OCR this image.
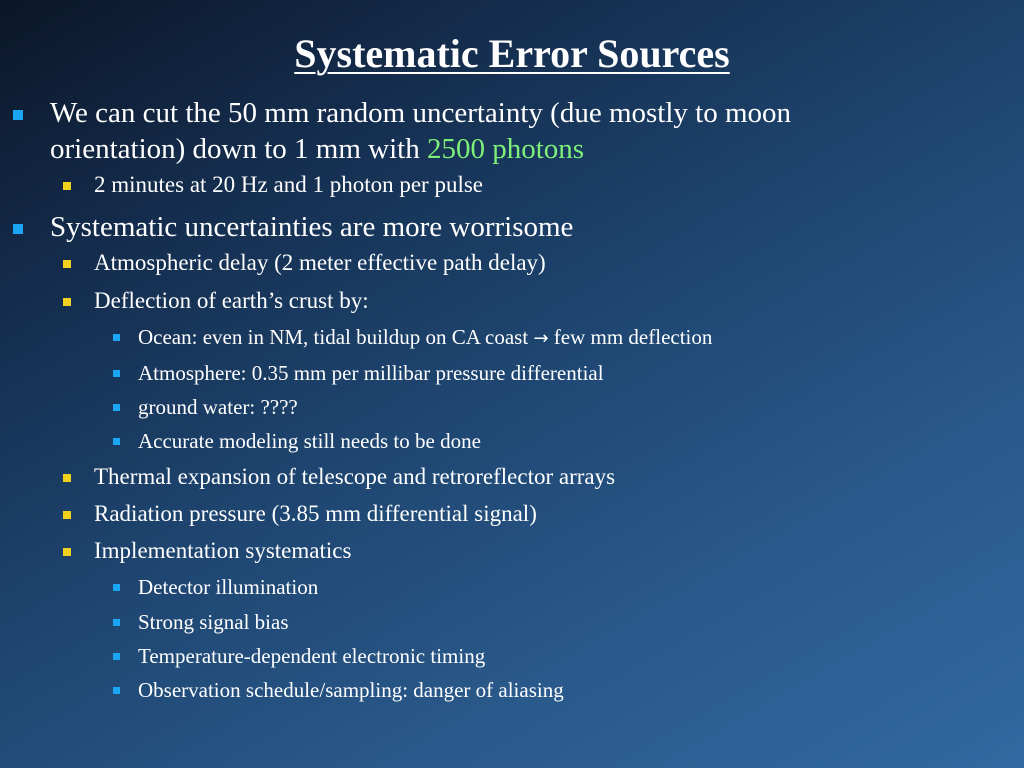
Systematic Error Sources
We can cut the 50 mm random uncertainty (due mostly to moon
orientation) down to 1 mm with 2500 photons
2 minutes at 20 Hz and 1 photon per pulse
Systematic uncertainties are more worrisome
Atmospheric delay (2 meter effective path delay)
Deflection of earth’s crust by:
Ocean: even in NM, tidal buildup on CA coast → few mm deflection
Atmosphere: 0.35 mm per millibar pressure differential
ground water: ????
Accurate modeling still needs to be done
Thermal expansion of telescope and retroreflector arrays
Radiation pressure (3.85 mm differential signal)
Implementation systematics
Detector illumination
Strong signal bias
Temperature-dependent electronic timing
Observation schedule/sampling: danger of aliasing
